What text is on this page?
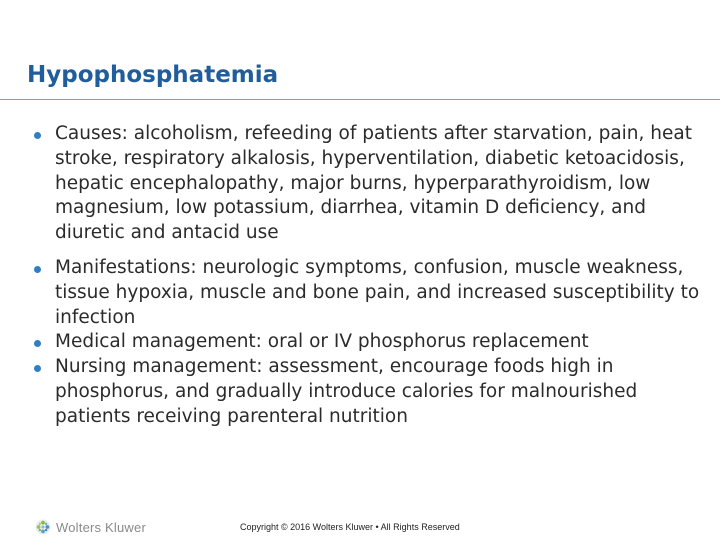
Hypophosphatemia
Causes: alcoholism, refeeding of patients after starvation, pain, heat stroke, respiratory alkalosis, hyperventilation, diabetic ketoacidosis, hepatic encephalopathy, major burns, hyperparathyroidism, low magnesium, low potassium, diarrhea, vitamin D deficiency, and diuretic and antacid use
Manifestations: neurologic symptoms, confusion, muscle weakness, tissue hypoxia, muscle and bone pain, and increased susceptibility to infection
Medical management: oral or IV phosphorus replacement
Nursing management: assessment, encourage foods high in phosphorus, and gradually introduce calories for malnourished patients receiving parenteral nutrition
Wolters Kluwer	Copyright © 2016 Wolters Kluwer • All Rights Reserved
